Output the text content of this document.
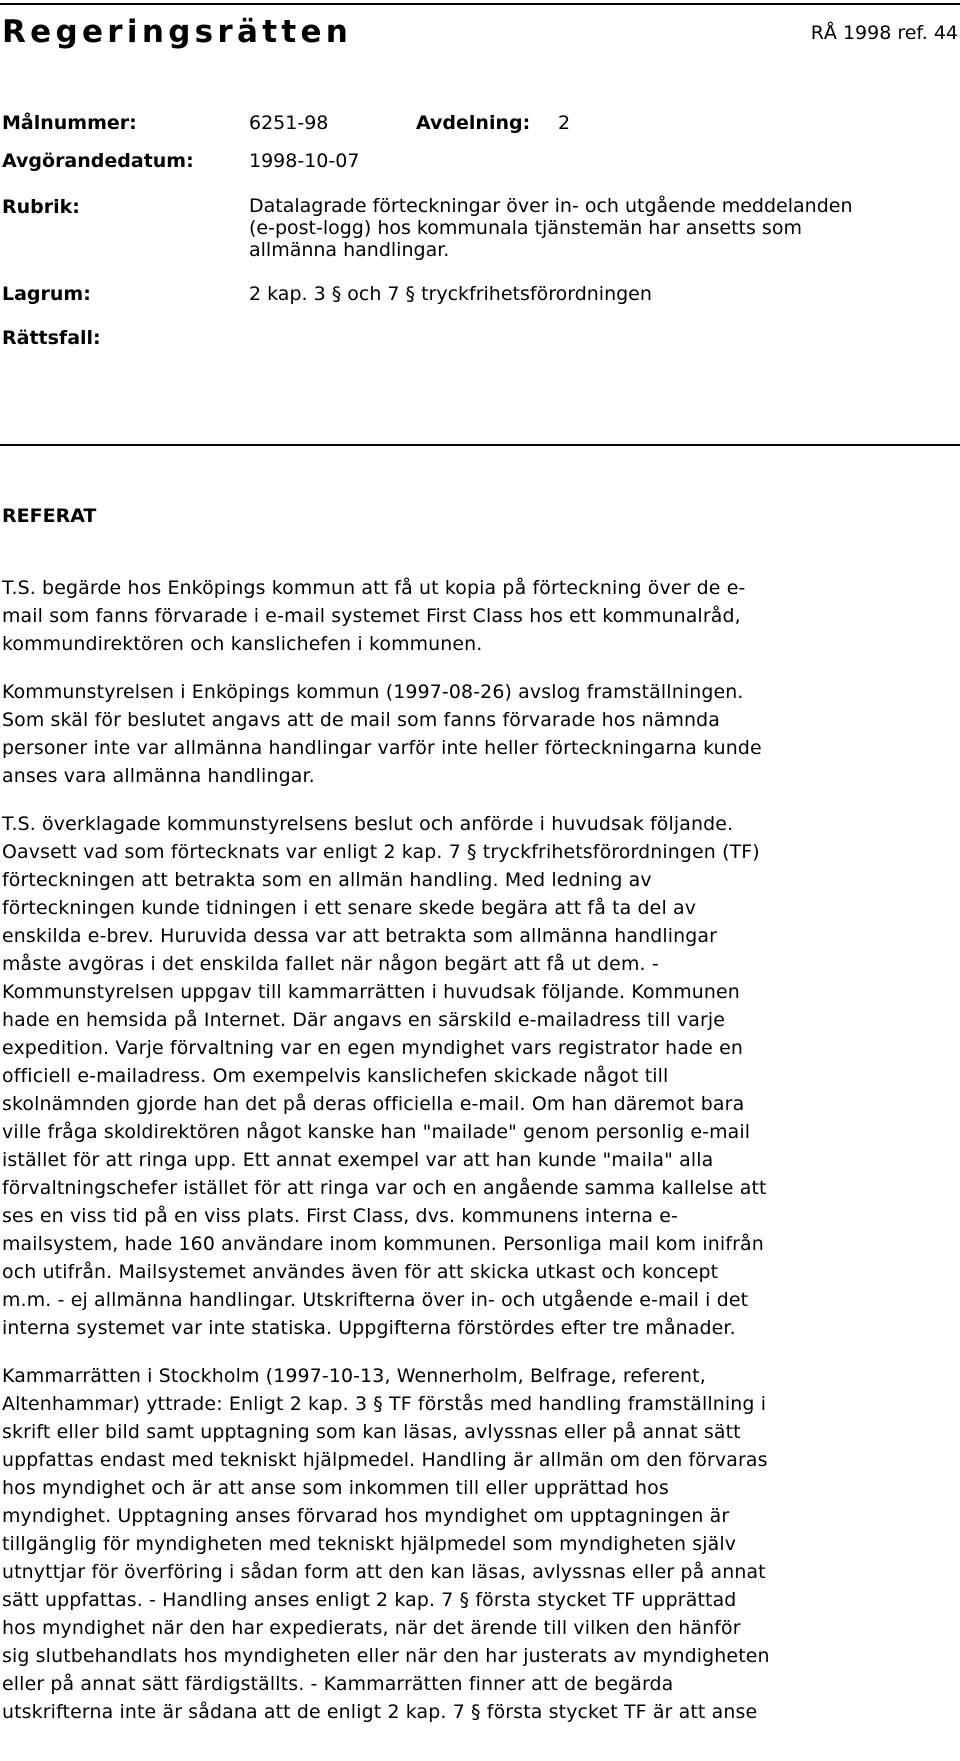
Regeringsrätten	RÅ 1998 ref. 44
Målnummer:	6251-98	Avdelning: 2
Avgörandedatum:	1998-10-07
Rubrik:	Datalagrade förteckningar över in- och utgående meddelanden
(e-post-logg) hos kommunala tjänstemän har ansetts som
allmänna handlingar.
Lagrum:	2 kap. 3 § och 7 § tryckfrihetsförordningen
Rättsfall:
REFERAT

T.S. begärde hos Enköpings kommun att få ut kopia på förteckning över de e-
mail som fanns förvarade i e-mail systemet First Class hos ett kommunalråd,
kommundirektören och kanslichefen i kommunen.

Kommunstyrelsen i Enköpings kommun (1997-08-26) avslog framställningen.
Som skäl för beslutet angavs att de mail som fanns förvarade hos nämnda
personer inte var allmänna handlingar varför inte heller förteckningarna kunde
anses vara allmänna handlingar.

T.S. överklagade kommunstyrelsens beslut och anförde i huvudsak följande.
Oavsett vad som förtecknats var enligt 2 kap. 7 § tryckfrihetsförordningen (TF)
förteckningen att betrakta som en allmän handling. Med ledning av
förteckningen kunde tidningen i ett senare skede begära att få ta del av
enskilda e-brev. Huruvida dessa var att betrakta som allmänna handlingar
måste avgöras i det enskilda fallet när någon begärt att få ut dem. -
Kommunstyrelsen uppgav till kammarrätten i huvudsak följande. Kommunen
hade en hemsida på Internet. Där angavs en särskild e-mailadress till varje
expedition. Varje förvaltning var en egen myndighet vars registrator hade en
officiell e-mailadress. Om exempelvis kanslichefen skickade något till
skolnämnden gjorde han det på deras officiella e-mail. Om han däremot bara
ville fråga skoldirektören något kanske han "mailade" genom personlig e-mail
istället för att ringa upp. Ett annat exempel var att han kunde "maila" alla
förvaltningschefer istället för att ringa var och en angående samma kallelse att
ses en viss tid på en viss plats. First Class, dvs. kommunens interna e-
mailsystem, hade 160 användare inom kommunen. Personliga mail kom inifrån
och utifrån. Mailsystemet användes även för att skicka utkast och koncept
m.m. - ej allmänna handlingar. Utskrifterna över in- och utgående e-mail i det
interna systemet var inte statiska. Uppgifterna förstördes efter tre månader.

Kammarrätten i Stockholm (1997-10-13, Wennerholm, Belfrage, referent,
Altenhammar) yttrade: Enligt 2 kap. 3 § TF förstås med handling framställning i
skrift eller bild samt upptagning som kan läsas, avlyssnas eller på annat sätt
uppfattas endast med tekniskt hjälpmedel. Handling är allmän om den förvaras
hos myndighet och är att anse som inkommen till eller upprättad hos
myndighet. Upptagning anses förvarad hos myndighet om upptagningen är
tillgänglig för myndigheten med tekniskt hjälpmedel som myndigheten själv
utnyttjar för överföring i sådan form att den kan läsas, avlyssnas eller på annat
sätt uppfattas. - Handling anses enligt 2 kap. 7 § första stycket TF upprättad
hos myndighet när den har expedierats, när det ärende till vilken den hänför
sig slutbehandlats hos myndigheten eller när den har justerats av myndigheten
eller på annat sätt färdigställts. - Kammarrätten finner att de begärda
utskrifterna inte är sådana att de enligt 2 kap. 7 § första stycket TF är att anse
